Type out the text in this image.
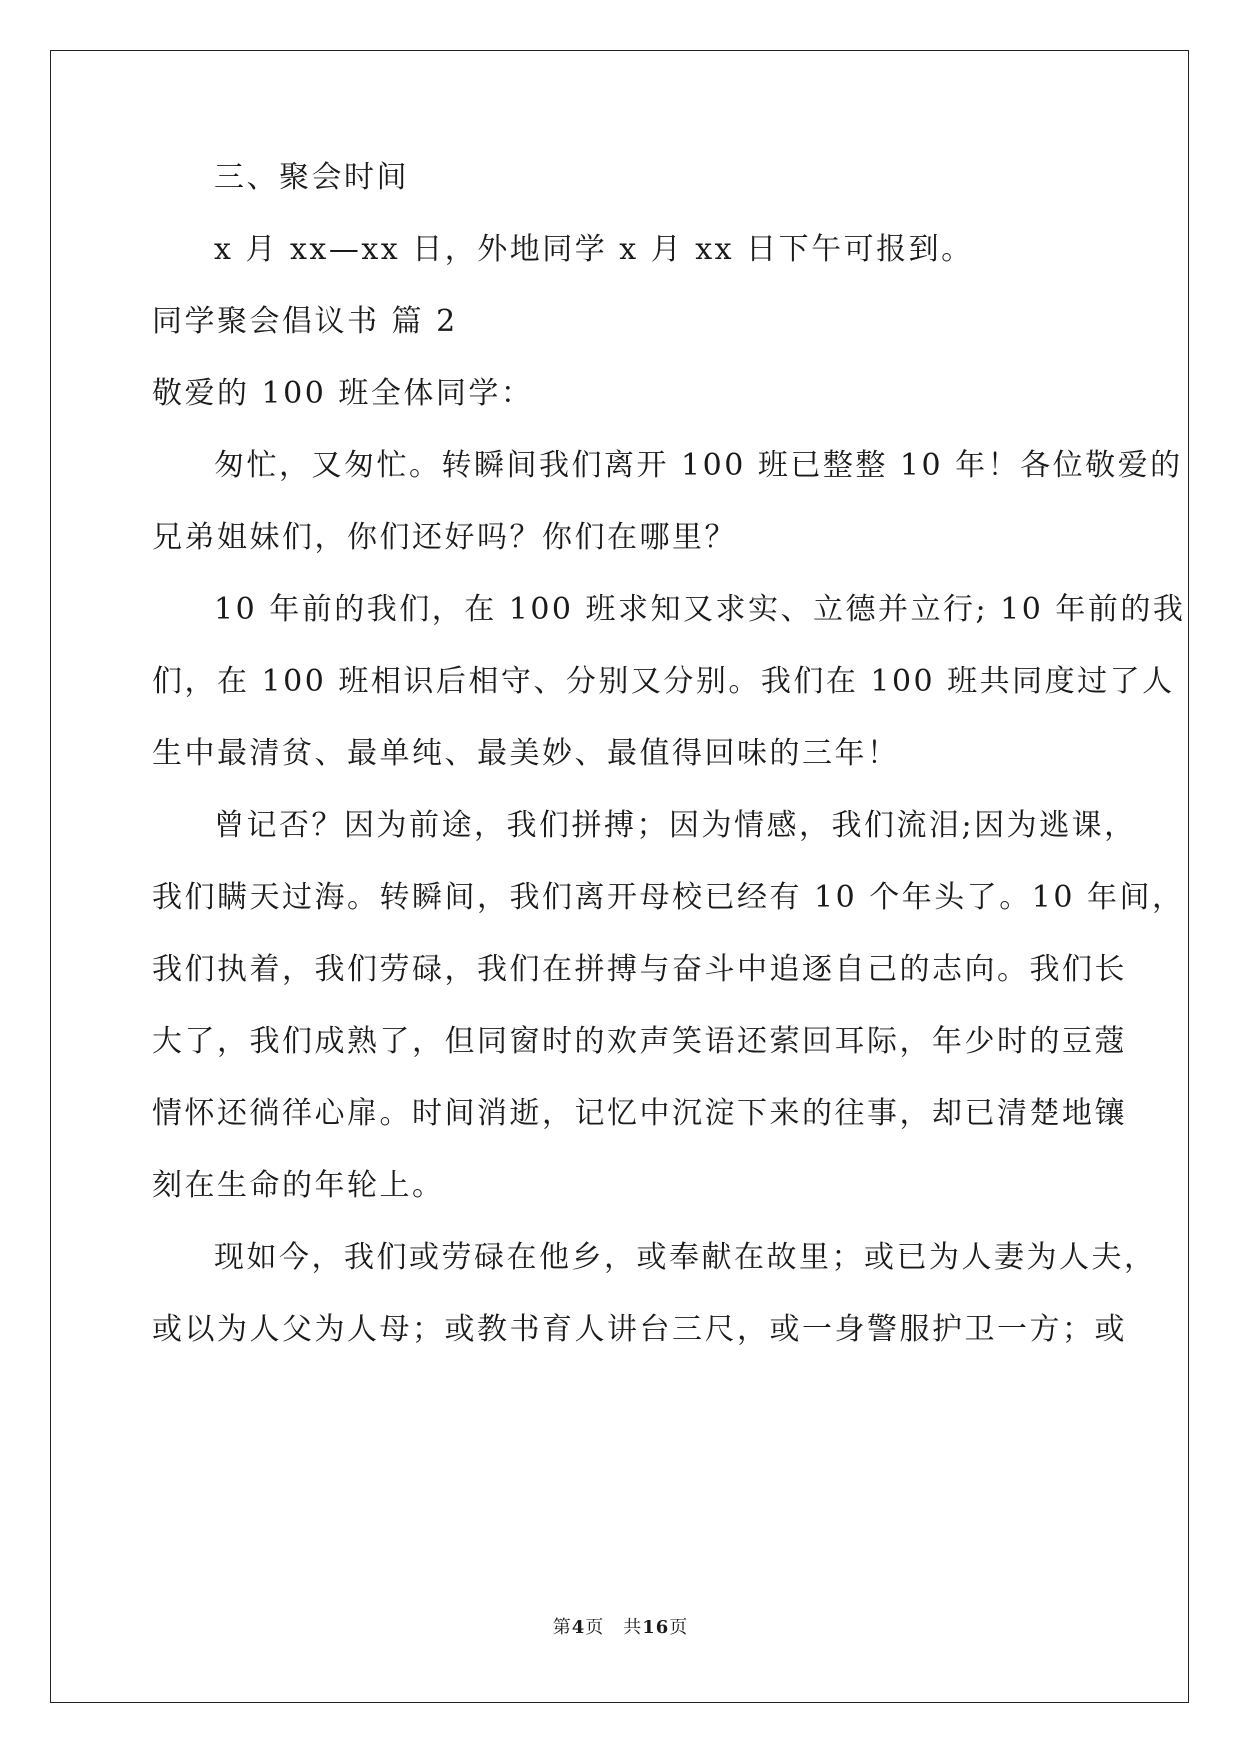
三、聚会时间
x 月 xx—xx 日，外地同学 x 月 xx 日下午可报到。
同学聚会倡议书 篇 2
敬爱的 100 班全体同学：
匆忙，又匆忙。转瞬间我们离开 100 班已整整 10 年！各位敬爱的
兄弟姐妹们，你们还好吗？你们在哪里？
10 年前的我们，在 100 班求知又求实、立德并立行; 10 年前的我
们，在 100 班相识后相守、分别又分别。我们在 100 班共同度过了人
生中最清贫、最单纯、最美妙、最值得回味的三年！
曾记否？因为前途，我们拼搏；因为情感，我们流泪;因为逃课，
我们瞒天过海。转瞬间，我们离开母校已经有 10 个年头了。10 年间，
我们执着，我们劳碌，我们在拼搏与奋斗中追逐自己的志向。我们长
大了，我们成熟了，但同窗时的欢声笑语还萦回耳际，年少时的豆蔻
情怀还徜徉心扉。时间消逝，记忆中沉淀下来的往事，却已清楚地镶
刻在生命的年轮上。
现如今，我们或劳碌在他乡，或奉献在故里；或已为人妻为人夫，
或以为人父为人母；或教书育人讲台三尺，或一身警服护卫一方；或
第4页　共16页
